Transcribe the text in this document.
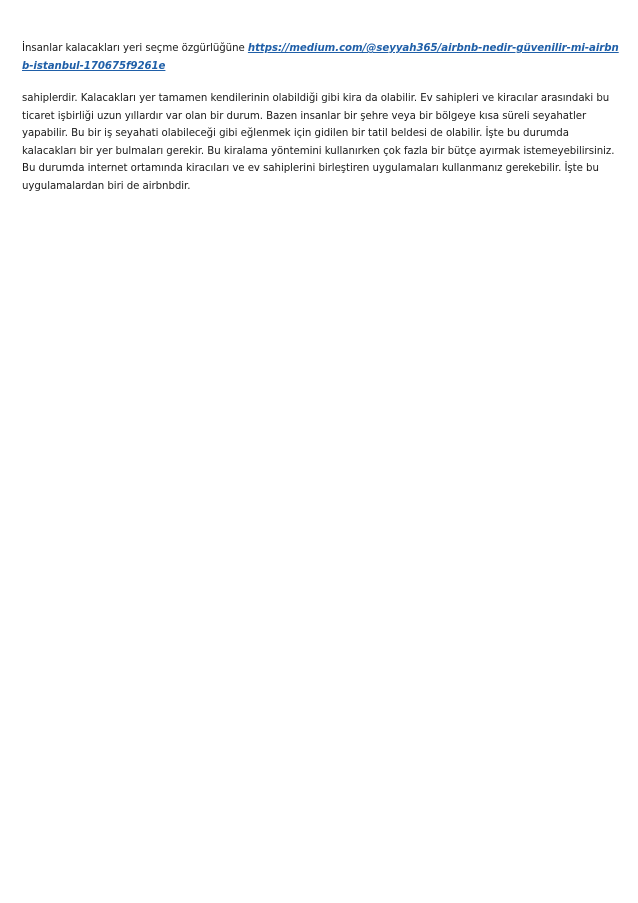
İnsanlar kalacakları yeri seçme özgürlüğüne https://medium.com/@seyyah365/airbnb-nedir-güvenilir-mi-airbnb-istanbul-170675f9261e

sahiplerdir. Kalacakları yer tamamen kendilerinin olabildiği gibi kira da olabilir. Ev sahipleri ve kiracılar arasındaki bu ticaret işbirliği uzun yıllardır var olan bir durum. Bazen insanlar bir şehre veya bir bölgeye kısa süreli seyahatler yapabilir. Bu bir iş seyahati olabileceği gibi eğlenmek için gidilen bir tatil beldesi de olabilir. İşte bu durumda kalacakları bir yer bulmaları gerekir. Bu kiralama yöntemini kullanırken çok fazla bir bütçe ayırmak istemeyebilirsiniz. Bu durumda internet ortamında kiracıları ve ev sahiplerini birleştiren uygulamaları kullanmanız gerekebilir. İşte bu uygulamalardan biri de airbnbdir.
